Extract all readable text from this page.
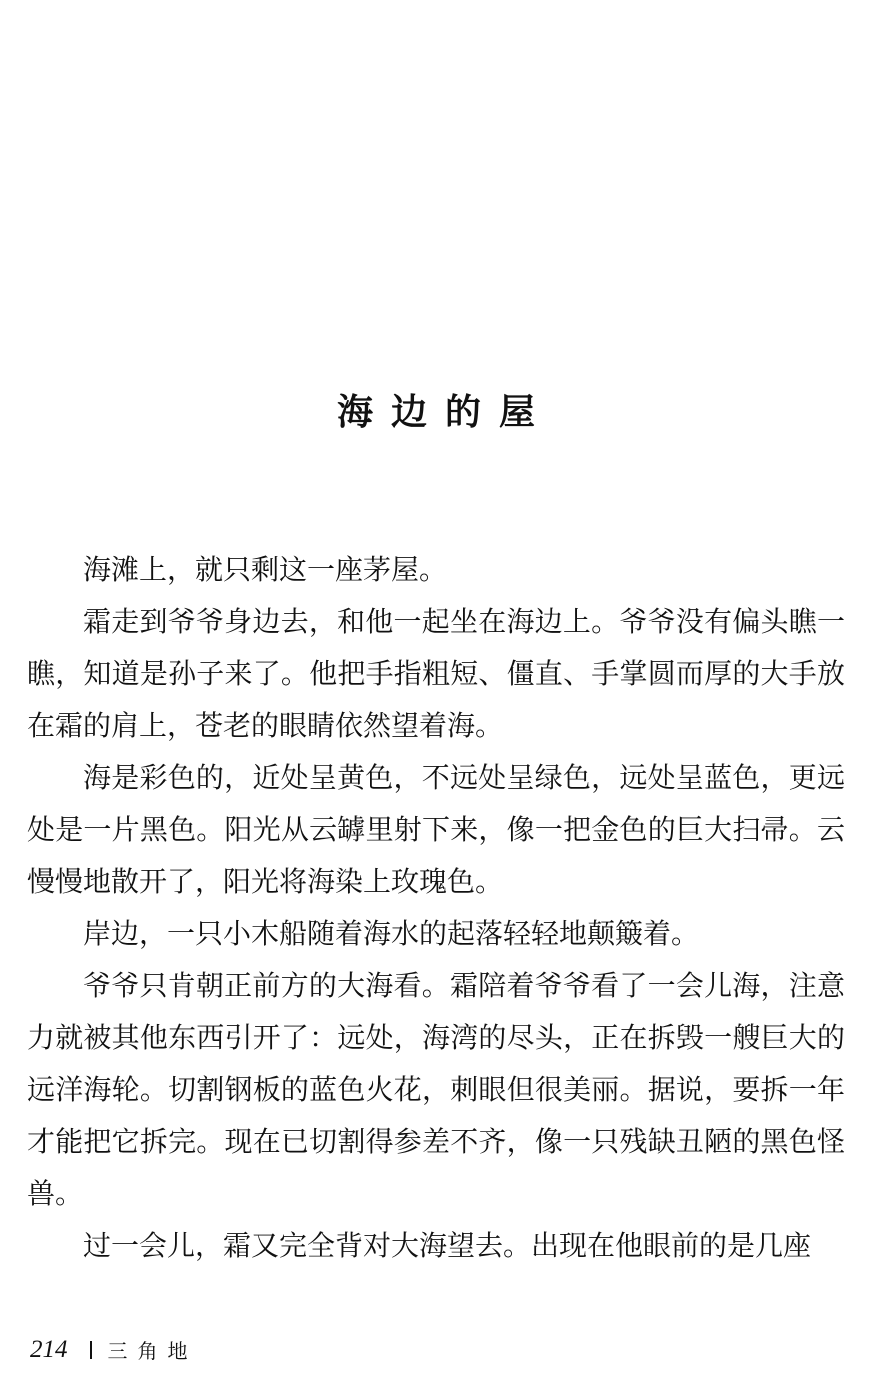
海边的屋

海滩上，就只剩这一座茅屋。

霜走到爷爷身边去，和他一起坐在海边上。爷爷没有偏头瞧一瞧，知道是孙子来了。他把手指粗短、僵直、手掌圆而厚的大手放在霜的肩上，苍老的眼睛依然望着海。

海是彩色的，近处呈黄色，不远处呈绿色，远处呈蓝色，更远处是一片黑色。阳光从云罅里射下来，像一把金色的巨大扫帚。云慢慢地散开了，阳光将海染上玫瑰色。

岸边，一只小木船随着海水的起落轻轻地颠簸着。

爷爷只肯朝正前方的大海看。霜陪着爷爷看了一会儿海，注意力就被其他东西引开了：远处，海湾的尽头，正在拆毁一艘巨大的远洋海轮。切割钢板的蓝色火花，刺眼但很美丽。据说，要拆一年才能把它拆完。现在已切割得参差不齐，像一只残缺丑陋的黑色怪兽。

过一会儿，霜又完全背对大海望去。出现在他眼前的是几座

214 三角地
